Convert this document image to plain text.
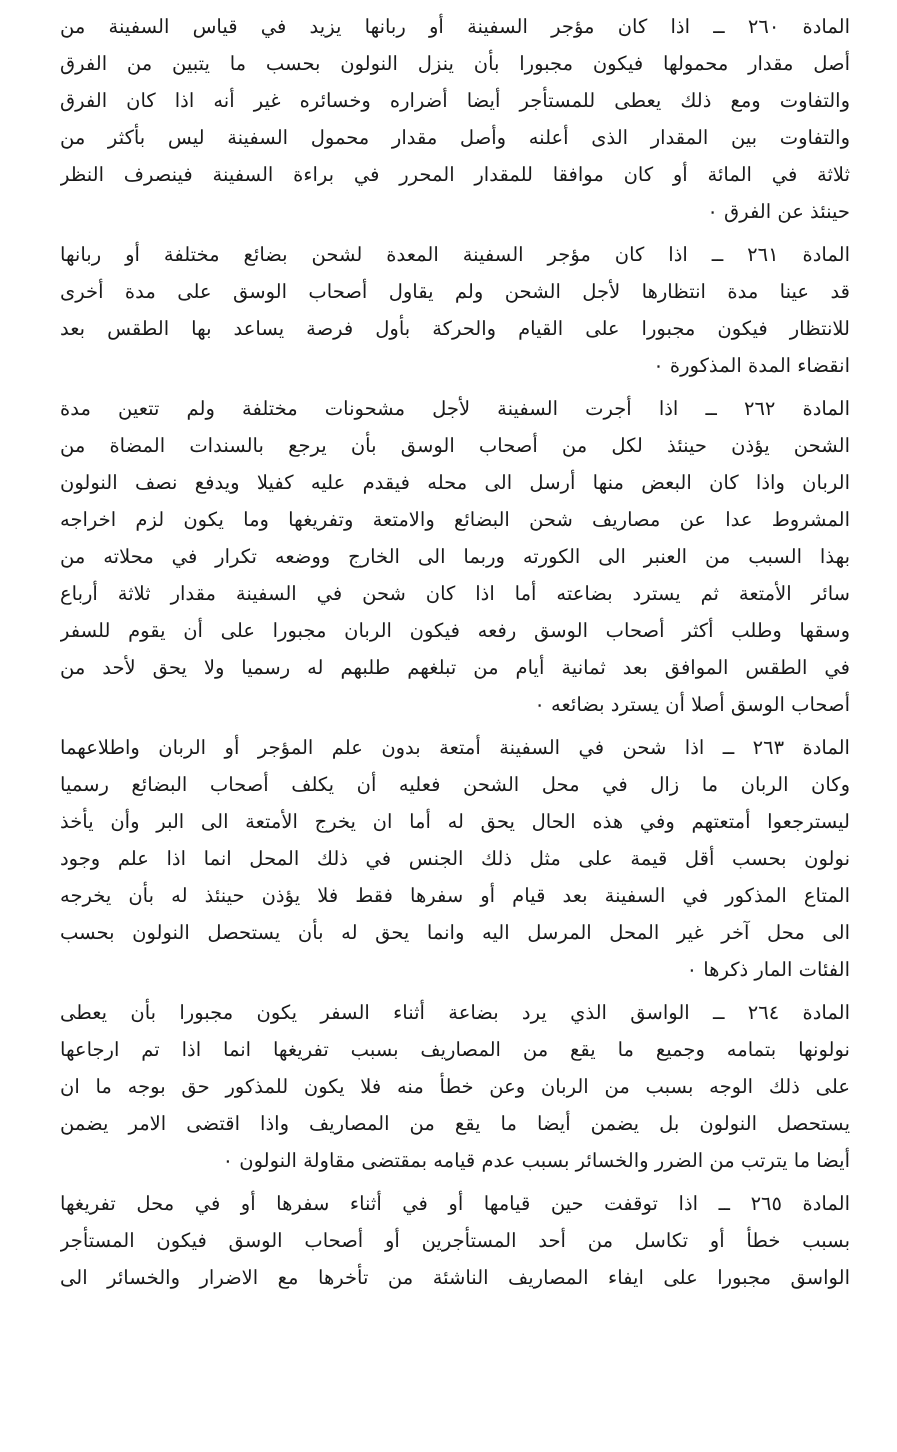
المادة ٢٦٠ ــ اذا كان مؤجر السفينة أو ربانها يزيد في قياس السفينة من
أصل مقدار محمولها فيكون مجبورا بأن ينزل النولون بحسب ما يتبين من الفرق
والتفاوت ومع ذلك يعطى للمستأجر أيضا أضراره وخسائره غير أنه اذا كان الفرق
والتفاوت بين المقدار الذى أعلنه وأصل مقدار محمول السفينة ليس بأكثر من
ثلاثة في المائة أو كان موافقا للمقدار المحرر في براءة السفينة فينصرف النظر
حينئذ عن الفرق ٠
المادة ٢٦١ ــ اذا كان مؤجر السفينة المعدة لشحن بضائع مختلفة أو ربانها
قد عينا مدة انتظارها لأجل الشحن ولم يقاول أصحاب الوسق على مدة أخرى
للانتظار فيكون مجبورا على القيام والحركة بأول فرصة يساعد بها الطقس بعد
انقضاء المدة المذكورة ٠
المادة ٢٦٢ ــ اذا أجرت السفينة لأجل مشحونات مختلفة ولم تتعين مدة
الشحن يؤذن حينئذ لكل من أصحاب الوسق بأن يرجع بالسندات المضاة من
الربان واذا كان البعض منها أرسل الى محله فيقدم عليه كفيلا ويدفع نصف النولون
المشروط عدا عن مصاريف شحن البضائع والامتعة وتفريغها وما يكون لزم اخراجه
بهذا السبب من العنبر الى الكورته وربما الى الخارج ووضعه تكرار في محلاته من
سائر الأمتعة ثم يسترد بضاعته أما اذا كان شحن في السفينة مقدار ثلاثة أرباع
وسقها وطلب أكثر أصحاب الوسق رفعه فيكون الربان مجبورا على أن يقوم للسفر
في الطقس الموافق بعد ثمانية أيام من تبلغهم طلبهم له رسميا ولا يحق لأحد من
أصحاب الوسق أصلا أن يسترد بضائعه ٠
المادة ٢٦٣ ــ اذا شحن في السفينة أمتعة بدون علم المؤجر أو الربان واطلاعهما
وكان الربان ما زال في محل الشحن فعليه أن يكلف أصحاب البضائع رسميا
ليسترجعوا أمتعتهم وفي هذه الحال يحق له أما ان يخرج الأمتعة الى البر وأن يأخذ
نولون بحسب أقل قيمة على مثل ذلك الجنس في ذلك المحل انما اذا علم وجود
المتاع المذكور في السفينة بعد قيام أو سفرها فقط فلا يؤذن حينئذ له بأن يخرجه
الى محل آخر غير المحل المرسل اليه وانما يحق له بأن يستحصل النولون بحسب
الفئات المار ذكرها ٠
المادة ٢٦٤ ــ الواسق الذي يرد بضاعة أثناء السفر يكون مجبورا بأن يعطى
نولونها بتمامه وجميع ما يقع من المصاريف بسبب تفريغها انما اذا تم ارجاعها
على ذلك الوجه بسبب من الربان وعن خطأ منه فلا يكون للمذكور حق بوجه ما ان
يستحصل النولون بل يضمن أيضا ما يقع من المصاريف واذا اقتضى الامر يضمن
أيضا ما يترتب من الضرر والخسائر بسبب عدم قيامه بمقتضى مقاولة النولون ٠
المادة ٢٦٥ ــ اذا توقفت حين قيامها أو في أثناء سفرها أو في محل تفريغها
بسبب خطأ أو تكاسل من أحد المستأجرين أو أصحاب الوسق فيكون المستأجر
الواسق مجبورا على ايفاء المصاريف الناشئة من تأخرها مع الاضرار والخسائر الى
